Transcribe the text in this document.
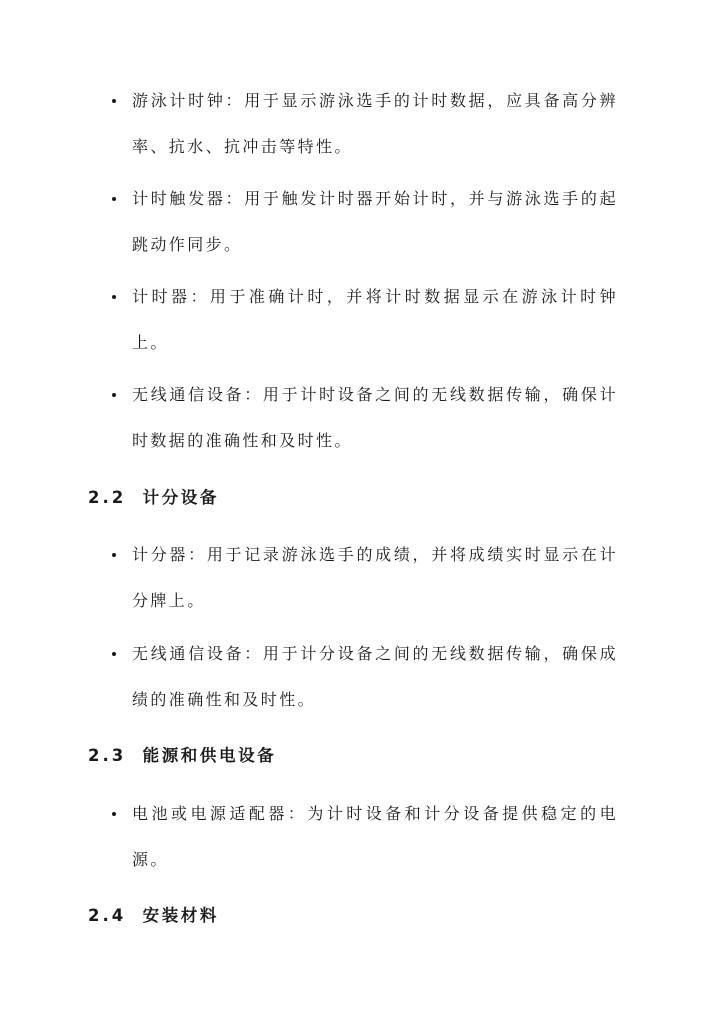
游泳计时钟：用于显示游泳选手的计时数据，应具备高分辨率、抗水、抗冲击等特性。
计时触发器：用于触发计时器开始计时，并与游泳选手的起跳动作同步。
计时器：用于准确计时，并将计时数据显示在游泳计时钟上。
无线通信设备：用于计时设备之间的无线数据传输，确保计时数据的准确性和及时性。
2.2 计分设备
计分器：用于记录游泳选手的成绩，并将成绩实时显示在计分牌上。
无线通信设备：用于计分设备之间的无线数据传输，确保成绩的准确性和及时性。
2.3 能源和供电设备
电池或电源适配器：为计时设备和计分设备提供稳定的电源。
2.4 安装材料
